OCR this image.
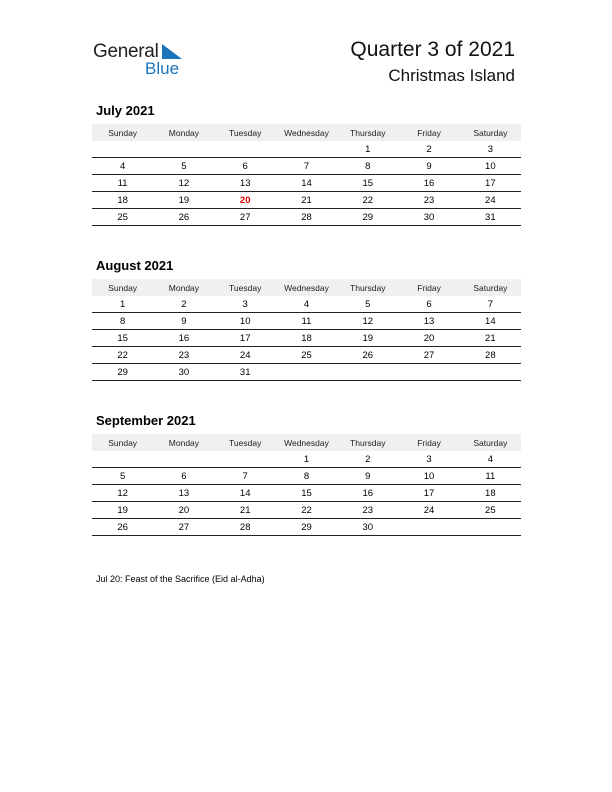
General
Blue
Quarter 3 of 2021
Christmas Island
July 2021
Sunday	Monday	Tuesday	Wednesday	Thursday	Friday	Saturday
				1	2	3
4	5	6	7	8	9	10
11	12	13	14	15	16	17
18	19	20	21	22	23	24
25	26	27	28	29	30	31
August 2021
Sunday	Monday	Tuesday	Wednesday	Thursday	Friday	Saturday
1	2	3	4	5	6	7
8	9	10	11	12	13	14
15	16	17	18	19	20	21
22	23	24	25	26	27	28
29	30	31				
September 2021
Sunday	Monday	Tuesday	Wednesday	Thursday	Friday	Saturday
			1	2	3	4
5	6	7	8	9	10	11
12	13	14	15	16	17	18
19	20	21	22	23	24	25
26	27	28	29	30		
Jul 20: Feast of the Sacrifice (Eid al-Adha)
